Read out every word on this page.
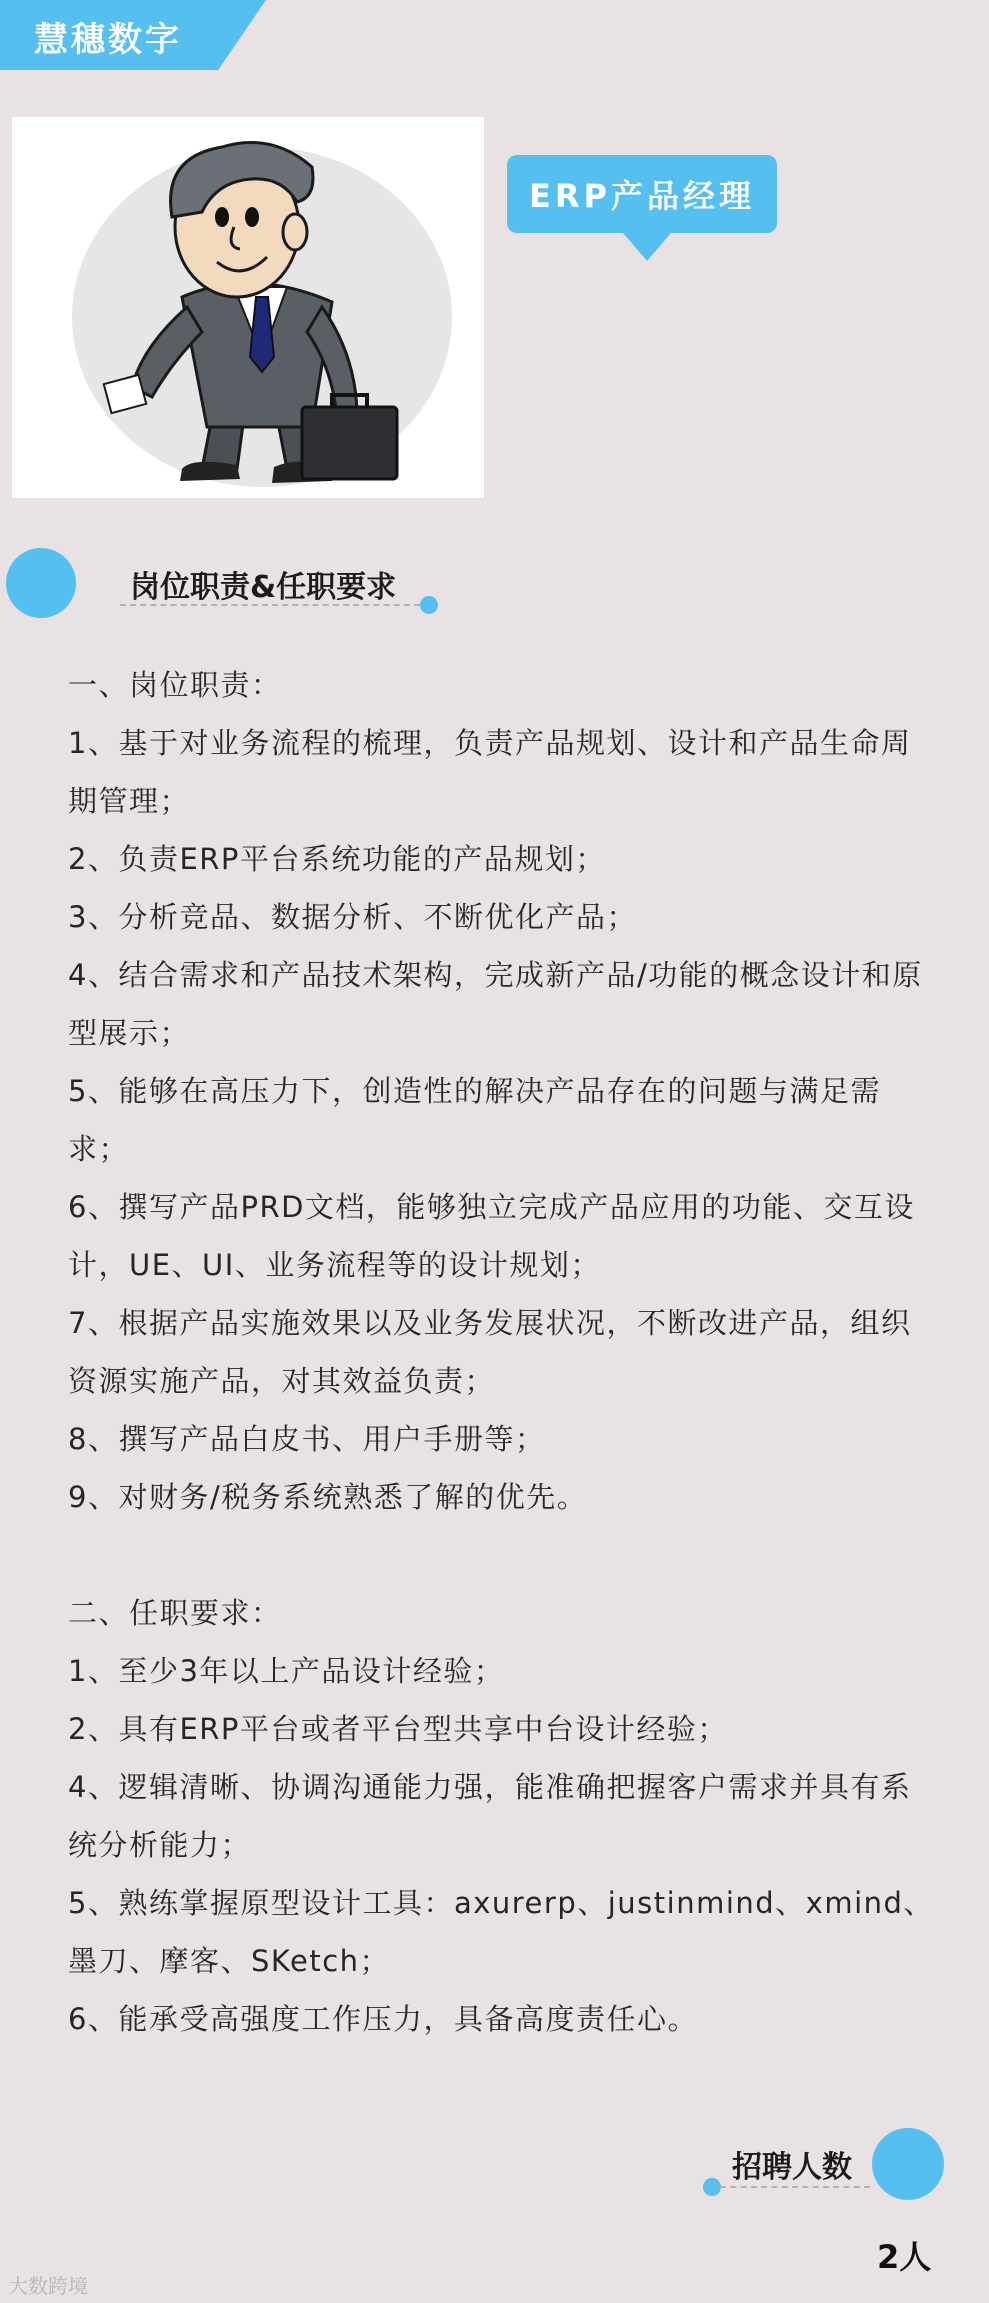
慧穗数字
ERP产品经理
岗位职责&任职要求

一、岗位职责：

1、基于对业务流程的梳理，负责产品规划、设计和产品生命周期管理；

2、负责ERP平台系统功能的产品规划；

3、分析竞品、数据分析、不断优化产品；

4、结合需求和产品技术架构，完成新产品/功能的概念设计和原型展示；

5、能够在高压力下，创造性的解决产品存在的问题与满足需求；

6、撰写产品PRD文档，能够独立完成产品应用的功能、交互设计，UE、UI、业务流程等的设计规划；

7、根据产品实施效果以及业务发展状况，不断改进产品，组织资源实施产品，对其效益负责；

8、撰写产品白皮书、用户手册等；

9、对财务/税务系统熟悉了解的优先。

二、任职要求：

1、至少3年以上产品设计经验；

2、具有ERP平台或者平台型共享中台设计经验；

4、逻辑清晰、协调沟通能力强，能准确把握客户需求并具有系统分析能力；

5、熟练掌握原型设计工具：axurerp、justinmind、xmind、墨刀、摩客、SKetch；

6、能承受高强度工作压力，具备高度责任心。

招聘人数
2人
大数跨境
